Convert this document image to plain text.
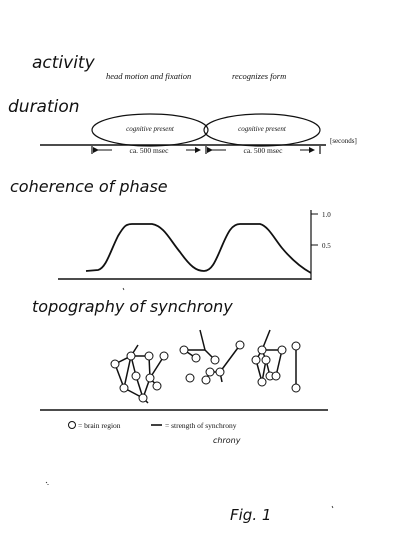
activity
head motion and fixation	recognizes form
duration
cognitive present	cognitive present
[seconds]
ca. 500 msec	ca. 500 msec
coherence of phase
1.0
0.5
topography of synchrony
= brain region	= strength of synchrony
chrony
Fig. 1
